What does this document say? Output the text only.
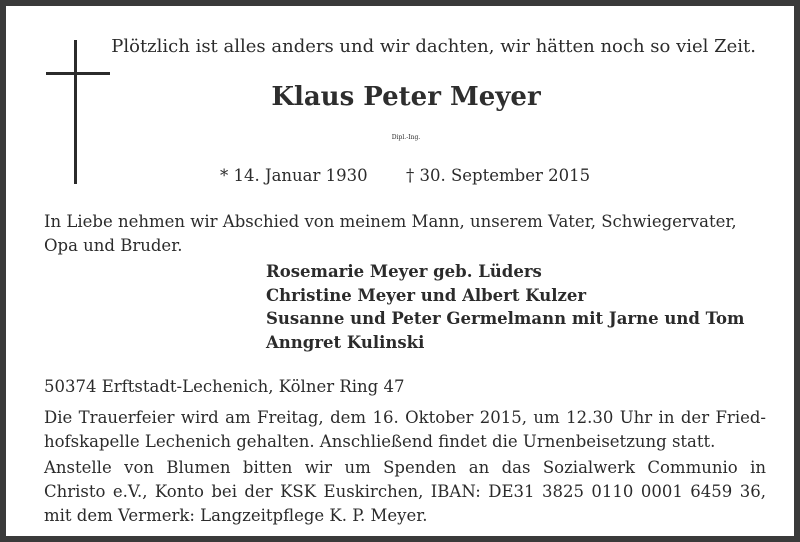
Plötzlich ist alles anders und wir dachten, wir hätten noch so viel Zeit.

Klaus Peter Meyer

Dipl.-Ing.

* 14. Januar 1930 † 30. September 2015

In Liebe nehmen wir Abschied von meinem Mann, unserem Vater, Schwiegervater,
Opa und Bruder.

Rosemarie Meyer geb. Lüders
Christine Meyer und Albert Kulzer
Susanne und Peter Germelmann mit Jarne und Tom
Anngret Kulinski

50374 Erftstadt-Lechenich, Kölner Ring 47

Die Trauerfeier wird am Freitag, dem 16. Oktober 2015, um 12.30 Uhr in der Fried-
hofskapelle Lechenich gehalten. Anschließend findet die Urnenbeisetzung statt.

Anstelle von Blumen bitten wir um Spenden an das Sozialwerk Communio in
Christo e.V., Konto bei der KSK Euskirchen, IBAN: DE31 3825 0110 0001 6459 36,
mit dem Vermerk: Langzeitpflege K. P. Meyer.
